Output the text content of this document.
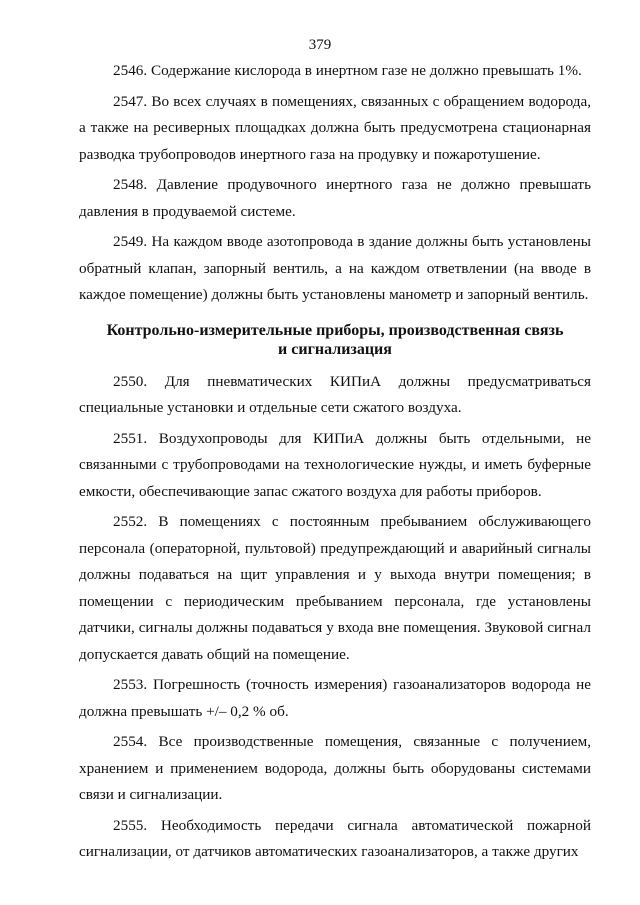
379

2546. Содержание кислорода в инертном газе не должно превышать 1%.

2547. Во всех случаях в помещениях, связанных с обращением водорода, а также на ресиверных площадках должна быть предусмотрена стационарная разводка трубопроводов инертного газа на продувку и пожаротушение.

2548. Давление продувочного инертного газа не должно превышать давления в продуваемой системе.

2549. На каждом вводе азотопровода в здание должны быть установлены обратный клапан, запорный вентиль, а на каждом ответвлении (на вводе в каждое помещение) должны быть установлены манометр и запорный вентиль.

Контрольно-измерительные приборы, производственная связь
и сигнализация

2550. Для пневматических КИПиА должны предусматриваться специальные установки и отдельные сети сжатого воздуха.

2551. Воздухопроводы для КИПиА должны быть отдельными, не связанными с трубопроводами на технологические нужды, и иметь буферные емкости, обеспечивающие запас сжатого воздуха для работы приборов.

2552. В помещениях с постоянным пребыванием обслуживающего персонала (операторной, пультовой) предупреждающий и аварийный сигналы должны подаваться на щит управления и у выхода внутри помещения; в помещении с периодическим пребыванием персонала, где установлены датчики, сигналы должны подаваться у входа вне помещения. Звуковой сигнал допускается давать общий на помещение.

2553. Погрешность (точность измерения) газоанализаторов водорода не должна превышать +/– 0,2 % об.

2554. Все производственные помещения, связанные с получением, хранением и применением водорода, должны быть оборудованы системами связи и сигнализации.

2555. Необходимость передачи сигнала автоматической пожарной сигнализации, от датчиков автоматических газоанализаторов, а также других
